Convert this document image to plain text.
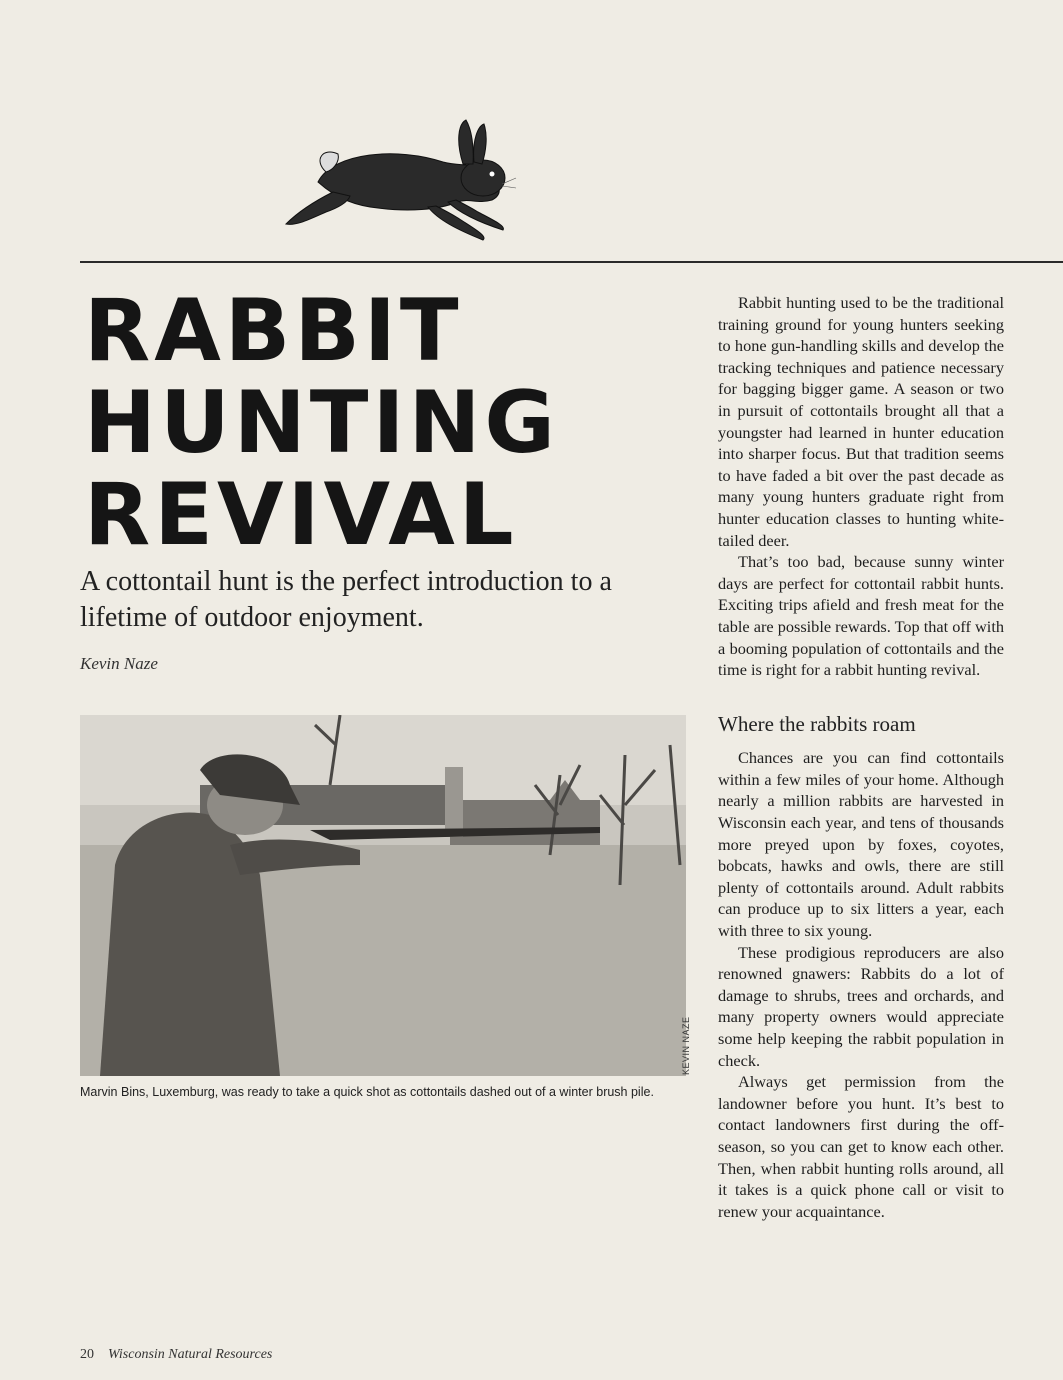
RABBIT
HUNTING
REVIVAL

A cottontail hunt is the perfect introduction to a lifetime of outdoor enjoyment.

Kevin Naze
KEVIN NAZE
Marvin Bins, Luxemburg, was ready to take a quick shot as cottontails dashed out of a winter brush pile.

Rabbit hunting used to be the traditional training ground for young hunters seeking to hone gun-handling skills and develop the tracking techniques and patience necessary for bagging bigger game. A season or two in pursuit of cottontails brought all that a youngster had learned in hunter education into sharper focus. But that tradition seems to have faded a bit over the past decade as many young hunters graduate right from hunter education classes to hunting white-tailed deer.

That’s too bad, because sunny winter days are perfect for cottontail rabbit hunts. Exciting trips afield and fresh meat for the table are possible rewards. Top that off with a booming population of cottontails and the time is right for a rabbit hunting revival.

Where the rabbits roam

Chances are you can find cottontails within a few miles of your home. Although nearly a million rabbits are harvested in Wisconsin each year, and tens of thousands more preyed upon by foxes, coyotes, bobcats, hawks and owls, there are still plenty of cottontails around. Adult rabbits can produce up to six litters a year, each with three to six young.

These prodigious reproducers are also renowned gnawers: Rabbits do a lot of damage to shrubs, trees and orchards, and many property owners would appreciate some help keeping the rabbit population in check.

Always get permission from the landowner before you hunt. It’s best to contact landowners first during the off-season, so you can get to know each other. Then, when rabbit hunting rolls around, all it takes is a quick phone call or visit to renew your acquaintance.

20 Wisconsin Natural Resources
